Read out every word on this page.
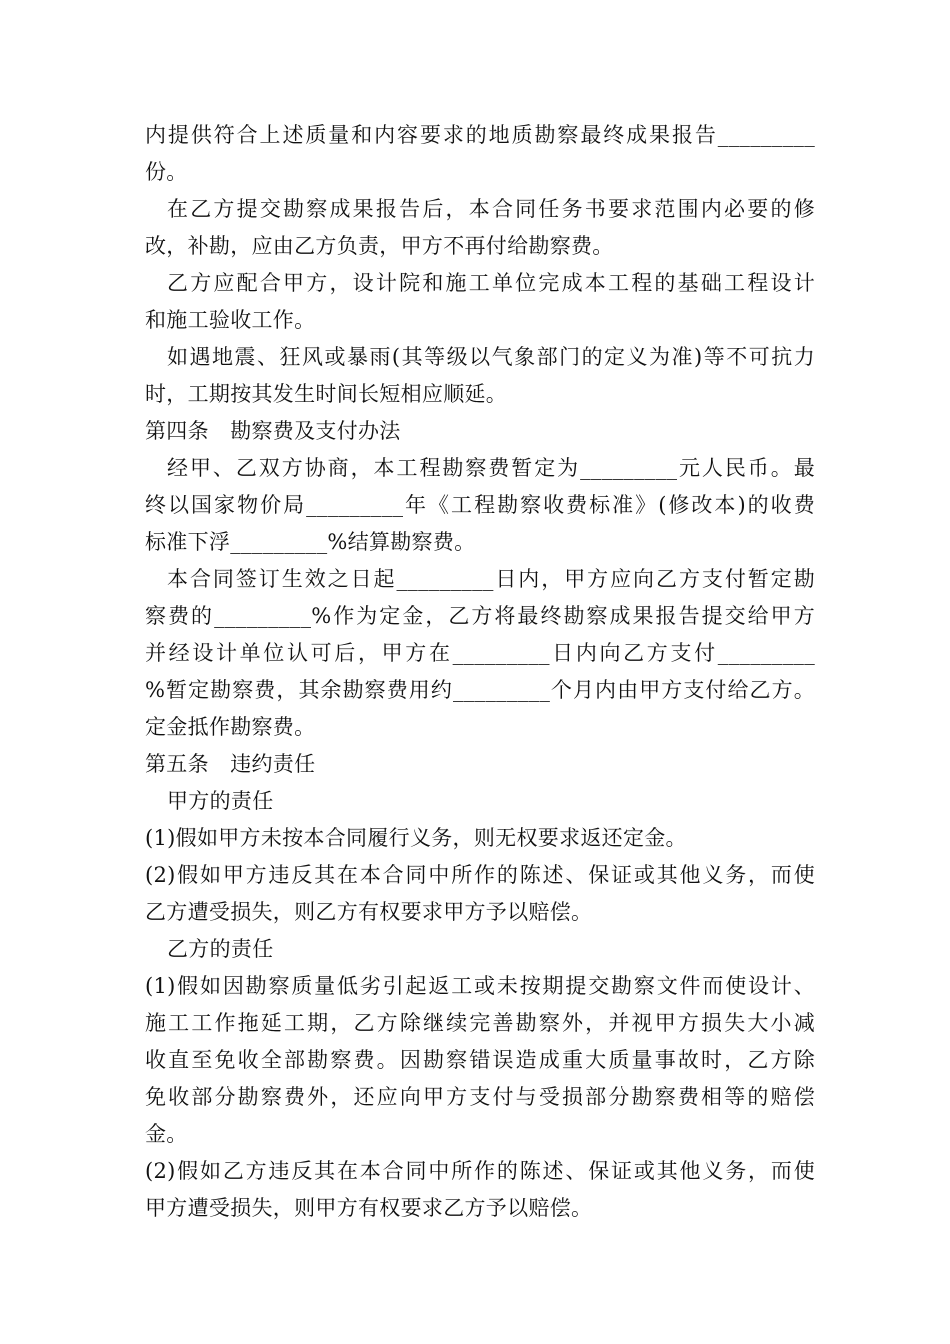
内提供符合上述质量和内容要求的地质勘察最终成果报告_________
份。
在乙方提交勘察成果报告后，本合同任务书要求范围内必要的修
改，补勘，应由乙方负责，甲方不再付给勘察费。
乙方应配合甲方，设计院和施工单位完成本工程的基础工程设计
和施工验收工作。
如遇地震、狂风或暴雨(其等级以气象部门的定义为准)等不可抗力
时，工期按其发生时间长短相应顺延。
第四条　勘察费及支付办法
经甲、乙双方协商，本工程勘察费暂定为_________元人民币。最
终以国家物价局_________年《工程勘察收费标准》(修改本)的收费
标准下浮_________%结算勘察费。
本合同签订生效之日起_________日内，甲方应向乙方支付暂定勘
察费的_________%作为定金，乙方将最终勘察成果报告提交给甲方
并经设计单位认可后，甲方在_________日内向乙方支付_________
%暂定勘察费，其余勘察费用约_________个月内由甲方支付给乙方。
定金抵作勘察费。
第五条　违约责任
甲方的责任
(1)假如甲方未按本合同履行义务，则无权要求返还定金。
(2)假如甲方违反其在本合同中所作的陈述、保证或其他义务，而使
乙方遭受损失，则乙方有权要求甲方予以赔偿。
乙方的责任
(1)假如因勘察质量低劣引起返工或未按期提交勘察文件而使设计、
施工工作拖延工期，乙方除继续完善勘察外，并视甲方损失大小减
收直至免收全部勘察费。因勘察错误造成重大质量事故时，乙方除
免收部分勘察费外，还应向甲方支付与受损部分勘察费相等的赔偿
金。
(2)假如乙方违反其在本合同中所作的陈述、保证或其他义务，而使
甲方遭受损失，则甲方有权要求乙方予以赔偿。
